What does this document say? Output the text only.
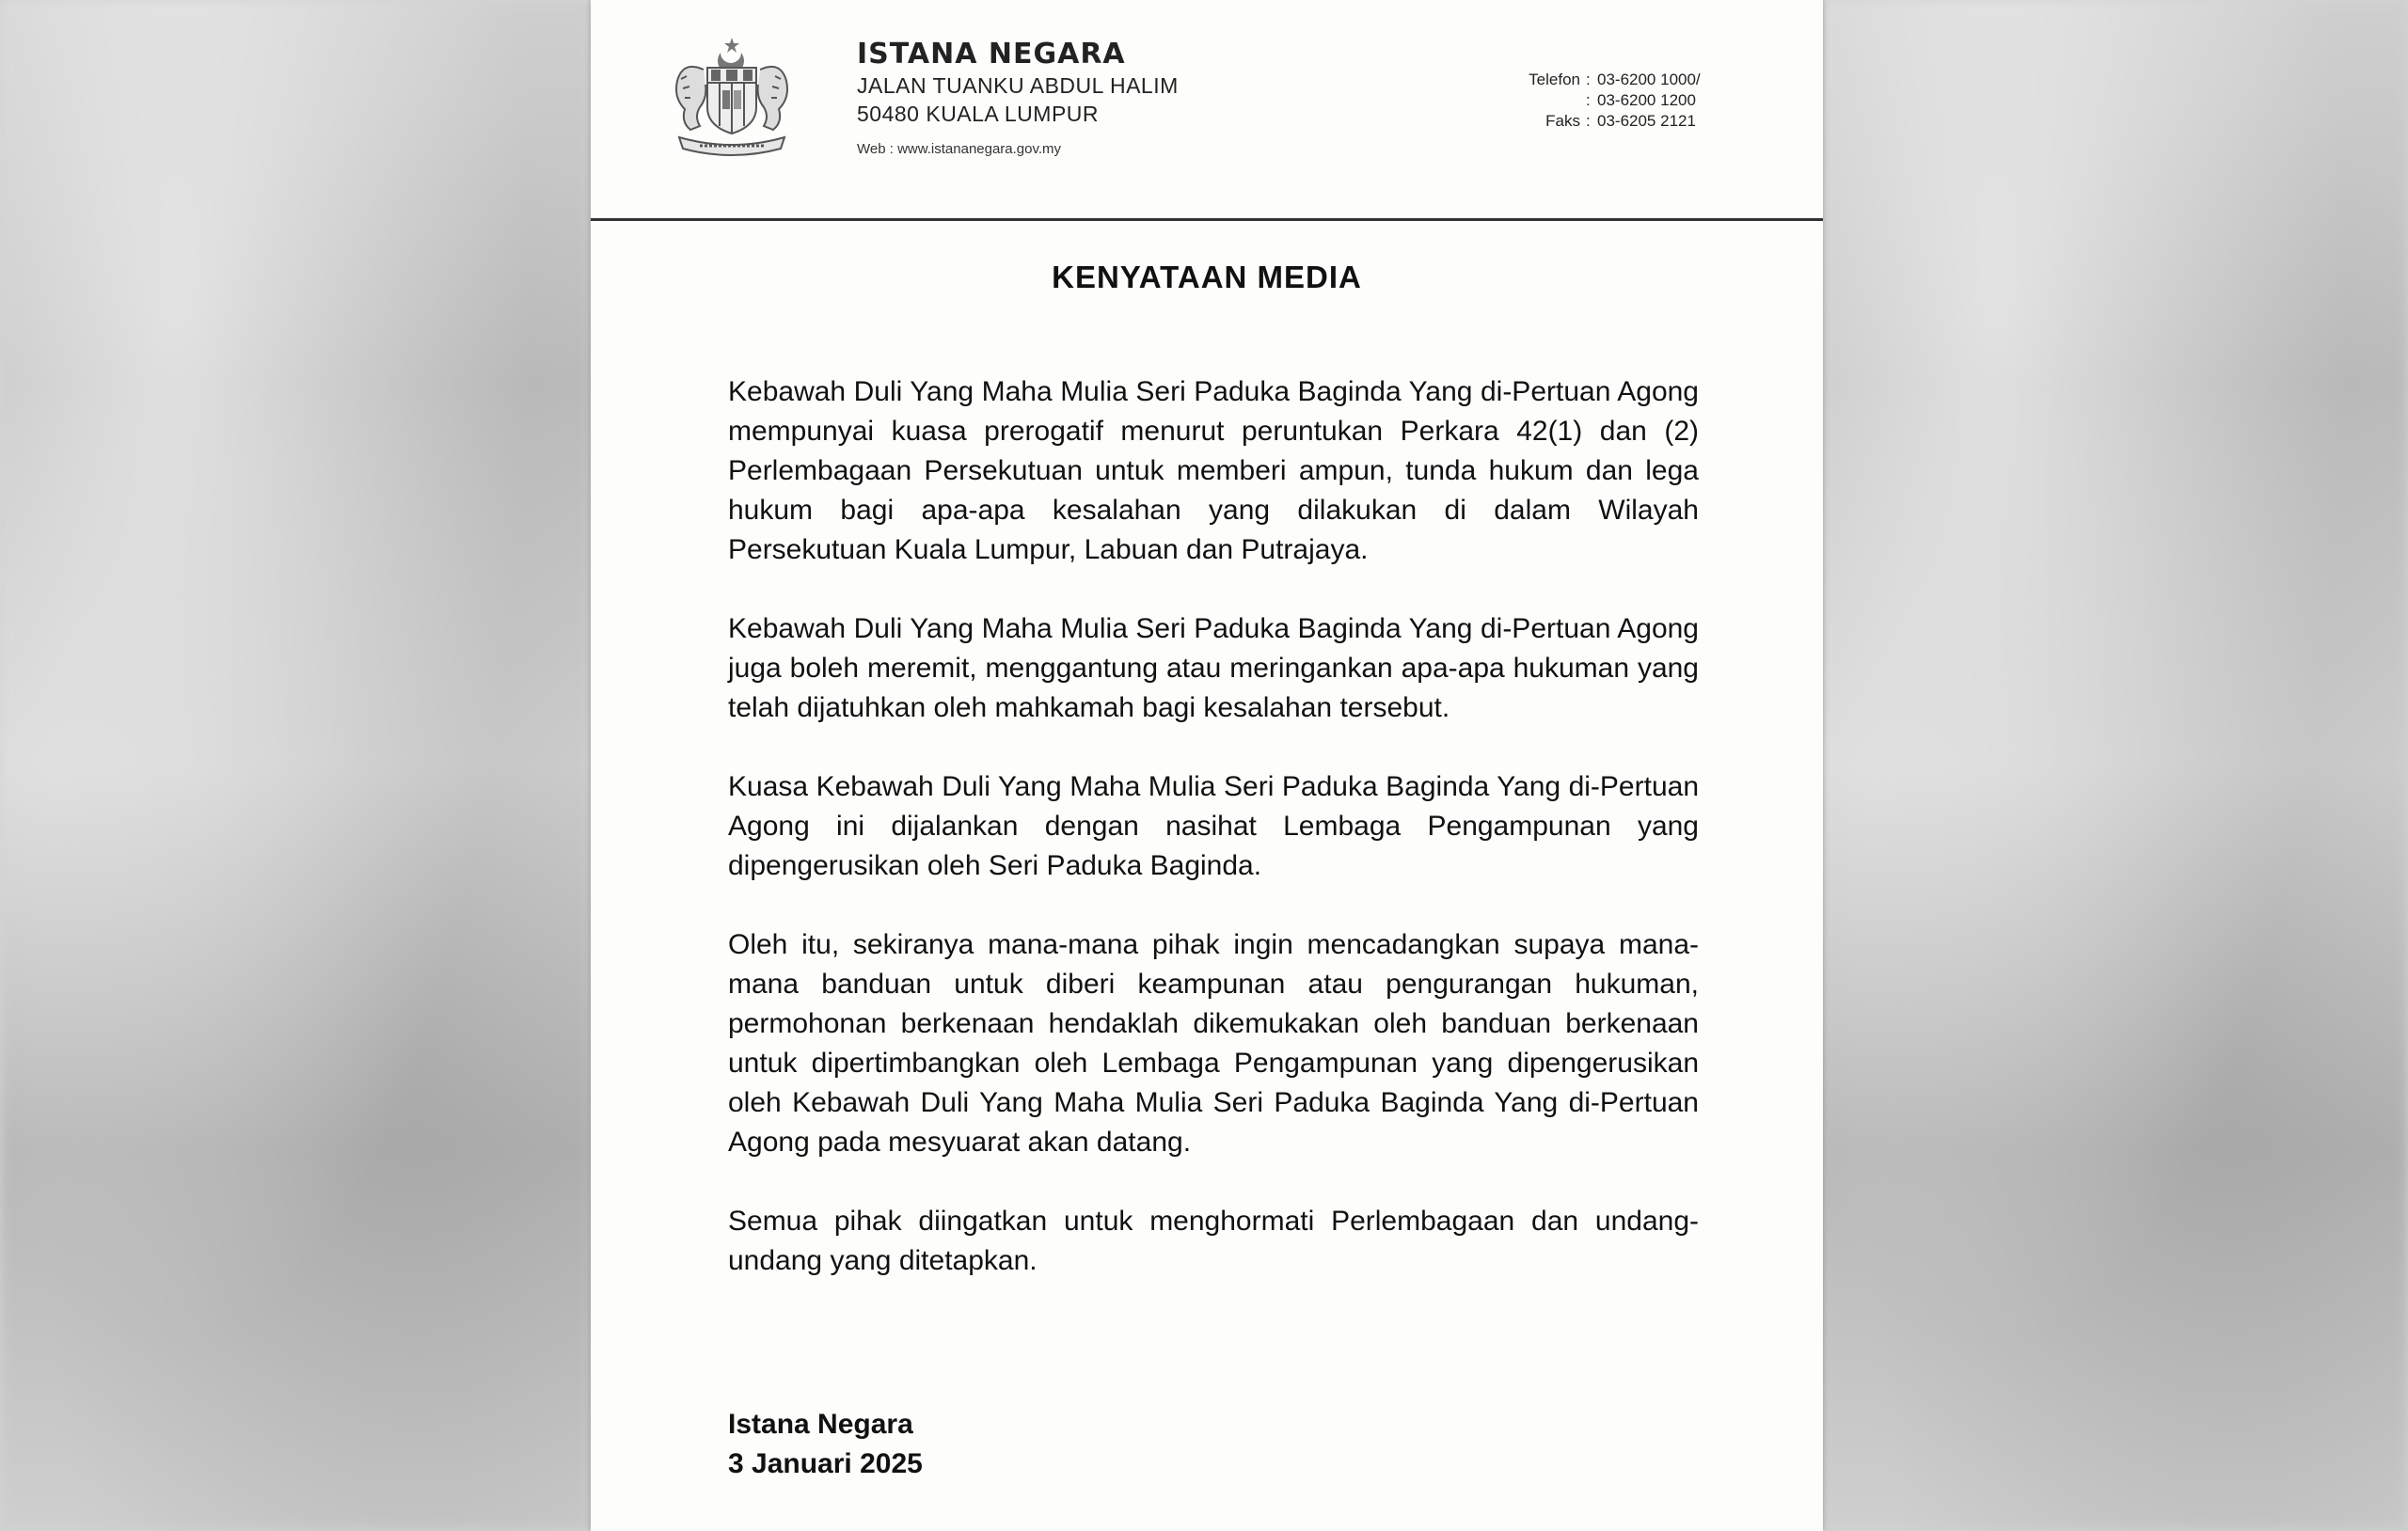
ISTANA NEGARA
JALAN TUANKU ABDUL HALIM
50480 KUALA LUMPUR
Web : www.istananegara.gov.my
Telefon : 03-6200 1000/
: 03-6200 1200
Faks : 03-6205 2121
KENYATAAN MEDIA

Kebawah Duli Yang Maha Mulia Seri Paduka Baginda Yang di-Pertuan Agong mempunyai kuasa prerogatif menurut peruntukan Perkara 42(1) dan (2) Perlembagaan Persekutuan untuk memberi ampun, tunda hukum dan lega hukum bagi apa-apa kesalahan yang dilakukan di dalam Wilayah Persekutuan Kuala Lumpur, Labuan dan Putrajaya.

Kebawah Duli Yang Maha Mulia Seri Paduka Baginda Yang di-Pertuan Agong juga boleh meremit, menggantung atau meringankan apa-apa hukuman yang telah dijatuhkan oleh mahkamah bagi kesalahan tersebut.

Kuasa Kebawah Duli Yang Maha Mulia Seri Paduka Baginda Yang di-Pertuan Agong ini dijalankan dengan nasihat Lembaga Pengampunan yang dipengerusikan oleh Seri Paduka Baginda.

Oleh itu, sekiranya mana-mana pihak ingin mencadangkan supaya mana-mana banduan untuk diberi keampunan atau pengurangan hukuman, permohonan berkenaan hendaklah dikemukakan oleh banduan berkenaan untuk dipertimbangkan oleh Lembaga Pengampunan yang dipengerusikan oleh Kebawah Duli Yang Maha Mulia Seri Paduka Baginda Yang di-Pertuan Agong pada mesyuarat akan datang.

Semua pihak diingatkan untuk menghormati Perlembagaan dan undang-undang yang ditetapkan.

Istana Negara
3 Januari 2025
